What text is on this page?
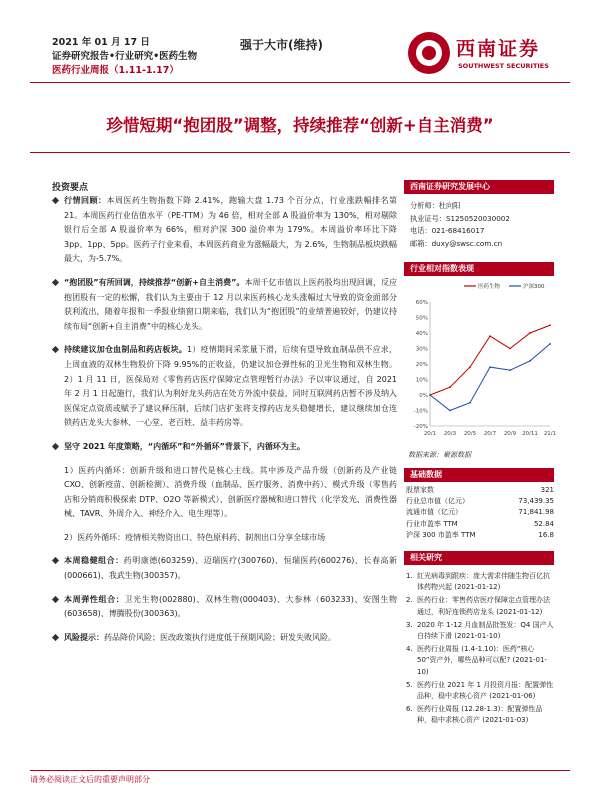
2021 年 01 月 17 日
证券研究报告•行业研究•医药生物
医药行业周报（1.11-1.17）
强于大市(维持)	西南证券
SOUTHWEST SECURITIES
珍惜短期“抱团股”调整，持续推荐“创新+自主消费”
投资要点
行情回顾：本周医药生物指数下降 2.41%，跑输大盘 1.73 个百分点，行业涨跌幅排名第 21。本周医药行业估值水平（PE-TTM）为 46 倍，相对全部 A 股溢价率为 130%，相对剔除银行后全部 A 股溢价率为 66%，相对沪深 300 溢价率为 179%。本周溢价率环比下降 3pp、1pp、5pp。医药子行业来看，本周医药商业为涨幅最大，为 2.6%，生物制品板块跌幅最大，为-5.7%。
“抱团股”有所回调，持续推荐“创新+自主消费”。本周千亿市值以上医药股均出现回调，反应抱团股有一定的松懈，我们认为主要由于 12 月以来医药核心龙头涨幅过大导致的资金面部分获利流出，随着年报和一季报业绩窗口期来临，我们认为“抱团股”的业绩普遍较好，仍建议持续布局“创新+自主消费”中的核心龙头。
持续建议加仓血制品和药店板块。1）疫情期间采浆量下滑，后续有望导致血制品供不应求，上周血液的双林生物股价下降 9.95%的正收益，仍建议加仓弹性标的卫光生物和双林生物。2）1 月 11 日，医保局对《零售药店医疗保障定点管理暂行办法》予以审议通过，自 2021 年 2 月 1 日起施行，我们认为利好龙头药店在处方外流中获益，同时互联网药店暂不涉及纳入医保定点资质或赋予了建议释压制，后续门店扩张将支撑药店龙头稳健增长，建议继续加仓连锁药店龙头大参林、一心堂、老百姓、益丰药房等。
坚守 2021 年度策略，“内循环”和“外循环”背景下，内循环为主。
1）医药内循环：创新升级和进口替代是核心主线。其中涉及产品升级（创新药及产业链 CXO、创新疫苗、创新检测）、消费升级（血制品、医疗服务、消费中药）、模式升级（零售药店和分销商积极探索 DTP、O2O 等新模式）、创新医疗器械和进口替代（化学发光、消费性器械、TAVR、外周介入、神经介入、电生理等）。
2）医药外循环：疫情相关物资出口、特色原料药、制剂出口分享全球市场
本周稳健组合：药明康德(603259)、迈瑞医疗(300760)、恒瑞医药(600276)、长春高新(000661)、我武生物(300357)。
本周弹性组合：卫光生物(002880)、双林生物(000403)、大参林（603233)、安图生物(603658)、博腾股份(300363)。
风险提示：药品降价风险；医改政策执行进度低于预期风险；研发失败风险。
西南证券研究发展中心
分析师：杜向阳
执业证号：S1250520030002
电话：021-68416017
邮箱：duxy@swsc.com.cn
行业相对指数表现
-20%
-10%
0%
10%
20%
30%
40%
50%
60%
20/1 20/3 20/5 20/7 20/9 20/11 21/1
医药生物	沪深300
数据来源：聚源数据
基础数据
股票家数	321
行业总市值（亿元）	73,439.35
流通市值（亿元）	71,841.98
行业市盈率 TTM	52.84
沪深 300 市盈率 TTM	16.8
相关研究
1. 紅光病毒到跟疾：庞大需求伴随生物百亿抗体药物兴起 (2021-01-12)
2. 医药行业：零售药店医疗保障定点管理办法通过，利好连锁药店龙头 (2021-01-12)
3. 2020 年 1-12 月血制品批签发：Q4 国产人白持续下滑 (2021-01-10)
4. 医药行业周报 (1.4-1.10)：医药“核心50”资产外，哪些品种可以配? (2021-01-10)
5. 医药行业 2021 年 1 月投资月报：配置弹性品种，稳中求核心资产 (2021-01-06)
6. 医药行业周报 (12.28-1.3)：配置弹性品种，稳中求核心资产 (2021-01-03)
请务必阅读正文后的重要声明部分
